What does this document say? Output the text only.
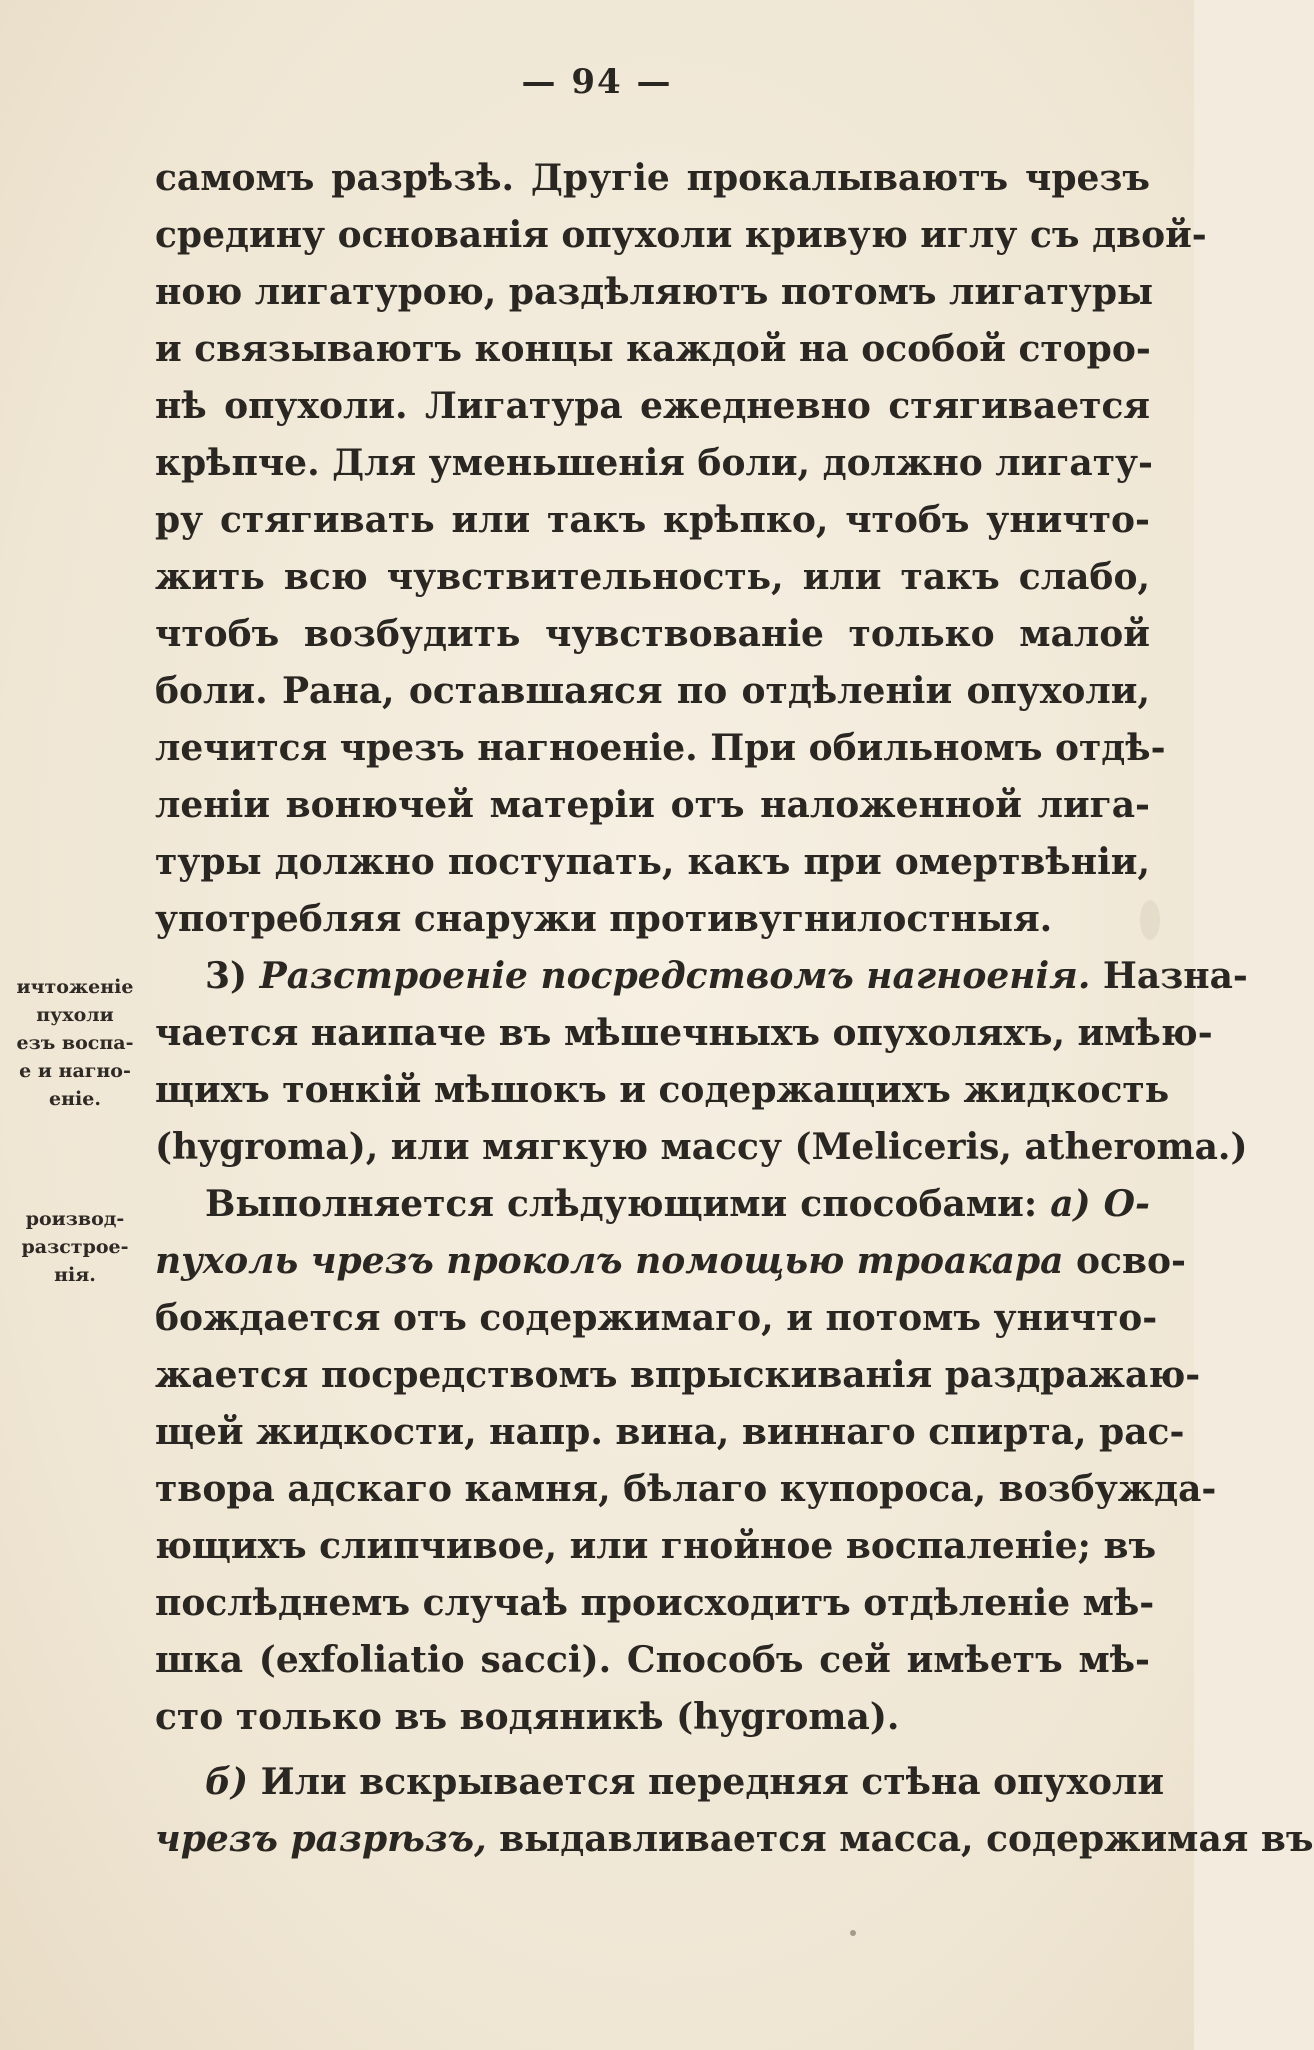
— 94 —
самомъ разрѣзѣ. Другіе прокалываютъ чрезъ
средину основанія опухоли кривую иглу съ двой-
ною лигатурою, раздѣляютъ потомъ лигатуры
и связываютъ концы каждой на особой сторо-
нѣ опухоли. Лигатура ежедневно стягивается
крѣпче. Для уменьшенія боли, должно лигату-
ру стягивать или такъ крѣпко, чтобъ уничто-
жить всю чувствительность, или такъ слабо,
чтобъ возбудить чувствованіе только малой
боли. Рана, оставшаяся по отдѣленіи опухоли,
лечится чрезъ нагноеніе. При обильномъ отдѣ-
леніи вонючей матеріи отъ наложенной лига-
туры должно поступать, какъ при омертвѣніи,
употребляя снаружи противугнилостныя.
3) Разстроеніе посредствомъ нагноенія. Назна-
чается наипаче въ мѣшечныхъ опухоляхъ, имѣю-
щихъ тонкій мѣшокъ и содержащихъ жидкость
(hygroma), или мягкую массу (Meliceris, atheroma.)
Выполняется слѣдующими способами: а) О-
пухоль чрезъ проколъ помощью троакара осво-
бождается отъ содержимаго, и потомъ уничто-
жается посредствомъ впрыскиванія раздражаю-
щей жидкости, напр. вина, виннаго спирта, рас-
твора адскаго камня, бѣлаго купороса, возбужда-
ющихъ слипчивое, или гнойное воспаленіе; въ
послѣднемъ случаѣ происходитъ отдѣленіе мѣ-
шка (exfoliatio sacci). Способъ сей имѣетъ мѣ-
сто только въ водяникѣ (hygroma).
б) Или вскрывается передняя стѣна опухоли
чрезъ разрѣзъ, выдавливается масса, содержимая въ
ичтоженіе
пухоли
езъ воспа-
е и нагно-
еніе.
роизвод-
разстрое-
нія.
